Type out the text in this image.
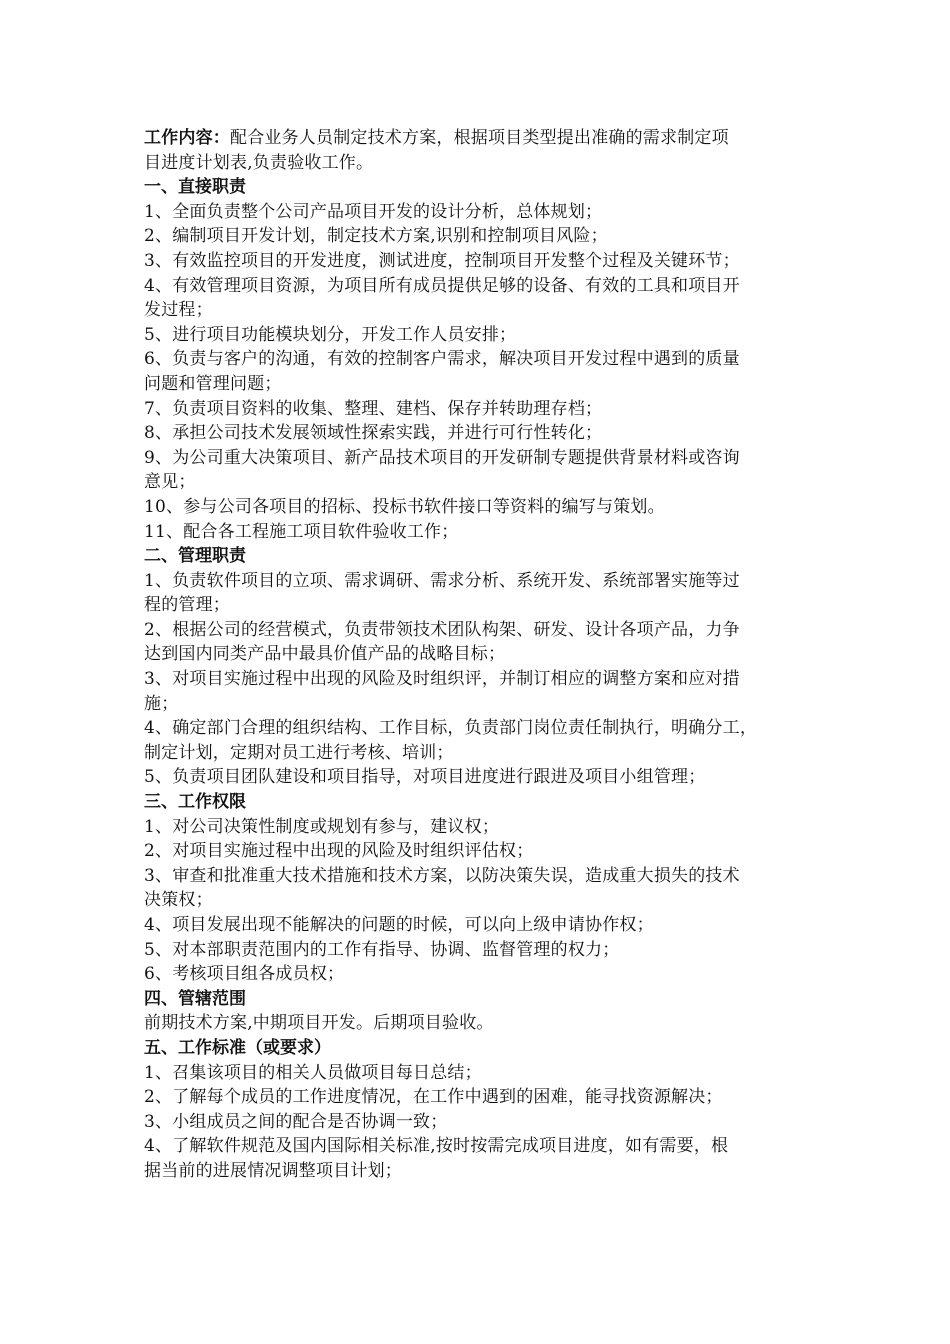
工作内容：配合业务人员制定技术方案，根据项目类型提出准确的需求制定项
目进度计划表,负责验收工作。
一、直接职责
1、全面负责整个公司产品项目开发的设计分析，总体规划；
2、编制项目开发计划，制定技术方案,识别和控制项目风险；
3、有效监控项目的开发进度，测试进度，控制项目开发整个过程及关键环节；
4、有效管理项目资源，为项目所有成员提供足够的设备、有效的工具和项目开
发过程；
5、进行项目功能模块划分，开发工作人员安排；
6、负责与客户的沟通，有效的控制客户需求，解决项目开发过程中遇到的质量
问题和管理问题；
7、负责项目资料的收集、整理、建档、保存并转助理存档；
8、承担公司技术发展领域性探索实践，并进行可行性转化；
9、为公司重大决策项目、新产品技术项目的开发研制专题提供背景材料或咨询
意见；
10、参与公司各项目的招标、投标书软件接口等资料的编写与策划。
11、配合各工程施工项目软件验收工作；
二、管理职责
1、负责软件项目的立项、需求调研、需求分析、系统开发、系统部署实施等过
程的管理；
2、根据公司的经营模式，负责带领技术团队构架、研发、设计各项产品，力争
达到国内同类产品中最具价值产品的战略目标；
3、对项目实施过程中出现的风险及时组织评，并制订相应的调整方案和应对措
施；
4、确定部门合理的组织结构、工作目标，负责部门岗位责任制执行，明确分工，
制定计划，定期对员工进行考核、培训；
5、负责项目团队建设和项目指导，对项目进度进行跟进及项目小组管理；
三、工作权限
1、对公司决策性制度或规划有参与，建议权；
2、对项目实施过程中出现的风险及时组织评估权；
3、审查和批准重大技术措施和技术方案，以防决策失误，造成重大损失的技术
决策权；
4、项目发展出现不能解决的问题的时候，可以向上级申请协作权；
5、对本部职责范围内的工作有指导、协调、监督管理的权力；
6、考核项目组各成员权；
四、管辖范围
前期技术方案,中期项目开发。后期项目验收。
五、工作标准（或要求）
1、召集该项目的相关人员做项目每日总结；
2、了解每个成员的工作进度情况，在工作中遇到的困难，能寻找资源解决；
3、小组成员之间的配合是否协调一致；
4、了解软件规范及国内国际相关标准,按时按需完成项目进度，如有需要，根
据当前的进展情况调整项目计划；
